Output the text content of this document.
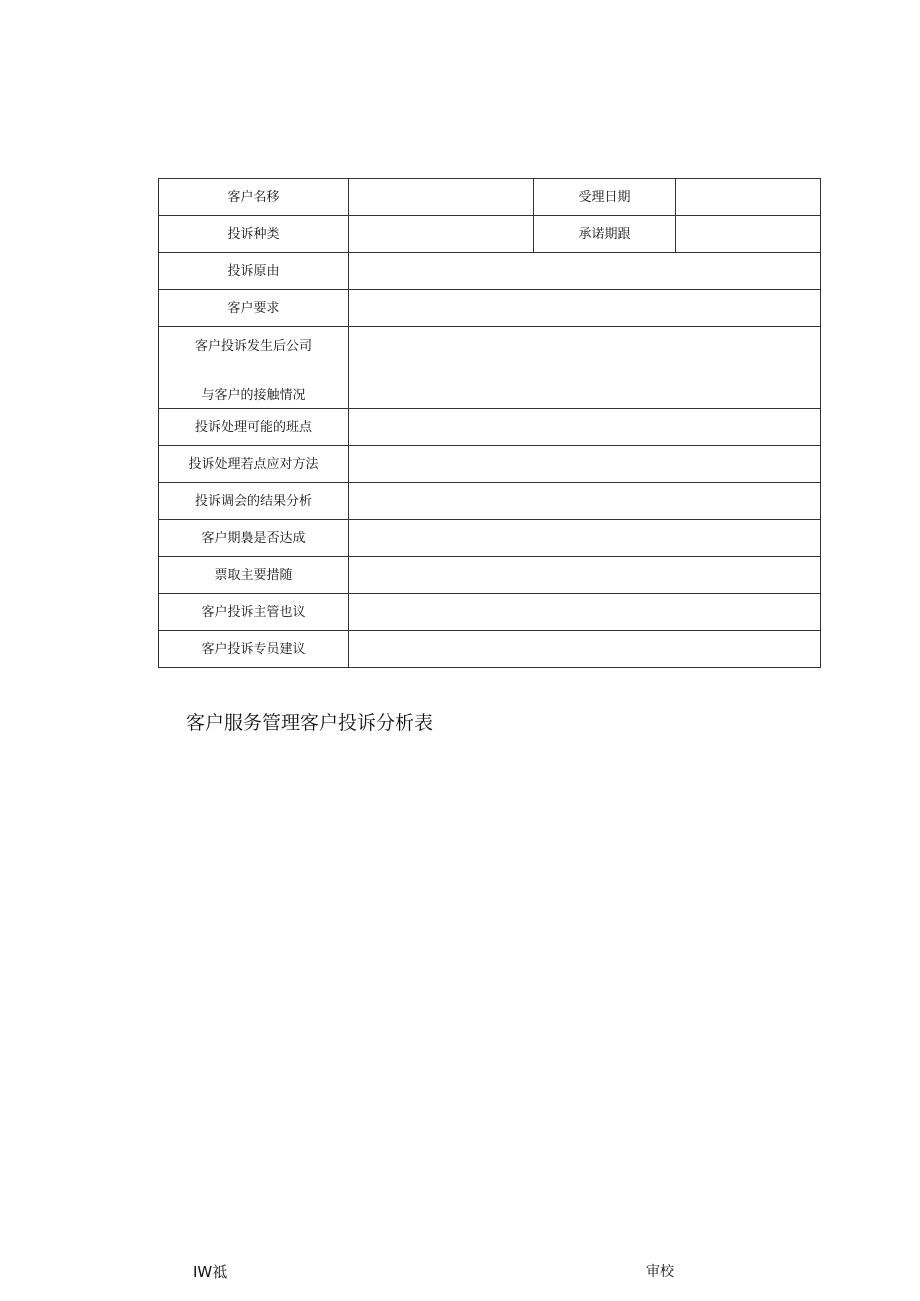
客户名移		受理日期	
投诉种类		承诺期跟	
投诉原由			
客户要求			

客户投诉发生后公司
与客户的接触情况			

投诉处理可能的班点			
投诉处理若点应对方法			
投诉调会的结果分析			
客户期裊是否达成			
票取主要措随			
客户投诉主管也议			
客户投诉专员建议			
客户服务管理客户投诉分析表
IW祗	审校
